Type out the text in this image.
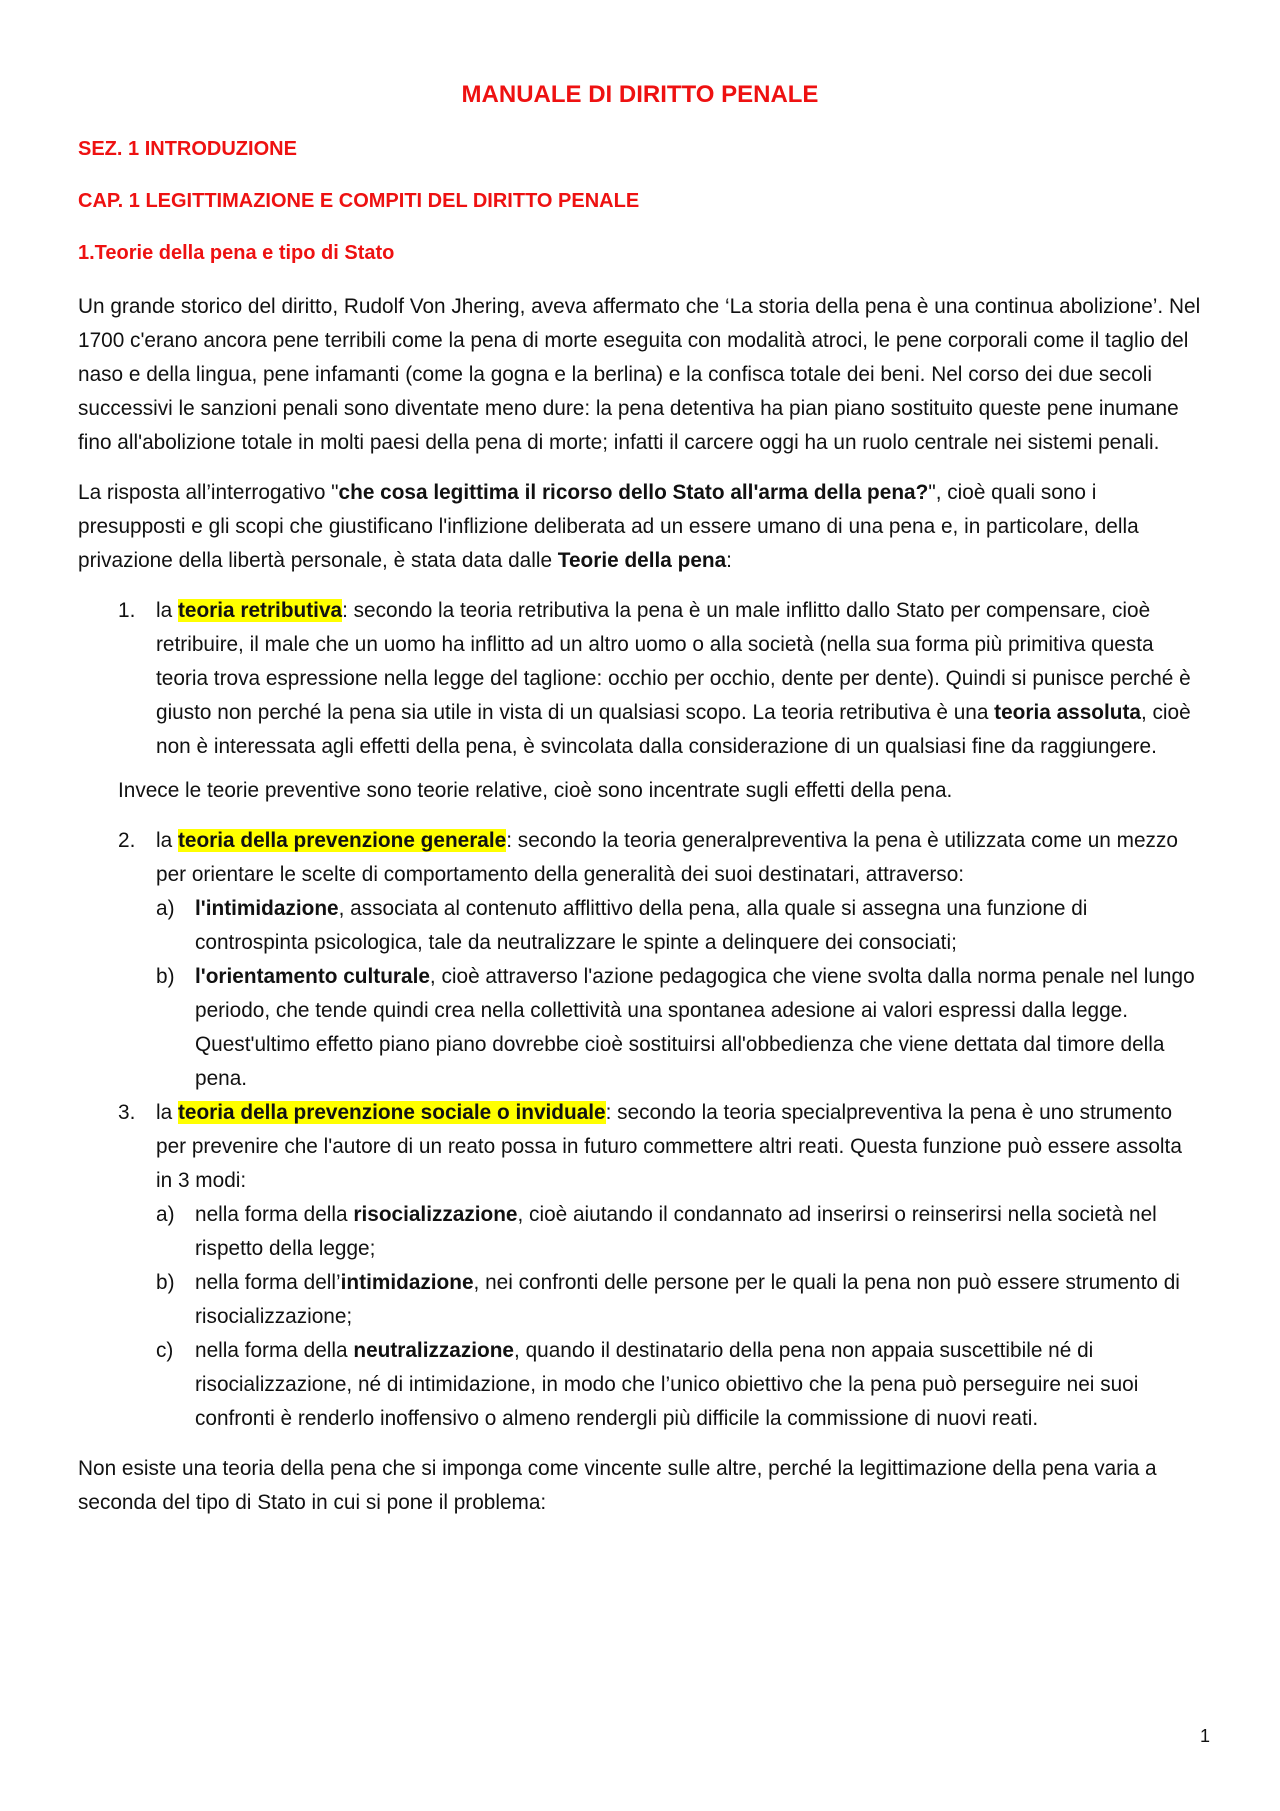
MANUALE DI DIRITTO PENALE
SEZ. 1 INTRODUZIONE
CAP. 1 LEGITTIMAZIONE E COMPITI DEL DIRITTO PENALE
1.Teorie della pena e tipo di Stato

Un grande storico del diritto, Rudolf Von Jhering, aveva affermato che ‘La storia della pena è una continua abolizione’. Nel 1700 c'erano ancora pene terribili come la pena di morte eseguita con modalità atroci, le pene corporali come il taglio del naso e della lingua, pene infamanti (come la gogna e la berlina) e la confisca totale dei beni. Nel corso dei due secoli successivi le sanzioni penali sono diventate meno dure: la pena detentiva ha pian piano sostituito queste pene inumane fino all'abolizione totale in molti paesi della pena di morte; infatti il carcere oggi ha un ruolo centrale nei sistemi penali.

La risposta all’interrogativo "che cosa legittima il ricorso dello Stato all'arma della pena?", cioè quali sono i presupposti e gli scopi che giustificano l'inflizione deliberata ad un essere umano di una pena e, in particolare, della privazione della libertà personale, è stata data dalle Teorie della pena:

1. la teoria retributiva: secondo la teoria retributiva la pena è un male inflitto dallo Stato per compensare, cioè retribuire, il male che un uomo ha inflitto ad un altro uomo o alla società (nella sua forma più primitiva questa teoria trova espressione nella legge del taglione: occhio per occhio, dente per dente). Quindi si punisce perché è giusto non perché la pena sia utile in vista di un qualsiasi scopo. La teoria retributiva è una teoria assoluta, cioè non è interessata agli effetti della pena, è svincolata dalla considerazione di un qualsiasi fine da raggiungere.

Invece le teorie preventive sono teorie relative, cioè sono incentrate sugli effetti della pena.

2. la teoria della prevenzione generale: secondo la teoria generalpreventiva la pena è utilizzata come un mezzo per orientare le scelte di comportamento della generalità dei suoi destinatari, attraverso:
a) l'intimidazione, associata al contenuto afflittivo della pena, alla quale si assegna una funzione di controspinta psicologica, tale da neutralizzare le spinte a delinquere dei consociati;
b) l'orientamento culturale, cioè attraverso l'azione pedagogica che viene svolta dalla norma penale nel lungo periodo, che tende quindi crea nella collettività una spontanea adesione ai valori espressi dalla legge. Quest'ultimo effetto piano piano dovrebbe cioè sostituirsi all'obbedienza che viene dettata dal timore della pena.
3. la teoria della prevenzione sociale o inviduale: secondo la teoria specialpreventiva la pena è uno strumento per prevenire che l'autore di un reato possa in futuro commettere altri reati. Questa funzione può essere assolta in 3 modi:
a) nella forma della risocializzazione, cioè aiutando il condannato ad inserirsi o reinserirsi nella società nel rispetto della legge;
b) nella forma dell’intimidazione, nei confronti delle persone per le quali la pena non può essere strumento di risocializzazione;
c) nella forma della neutralizzazione, quando il destinatario della pena non appaia suscettibile né di risocializzazione, né di intimidazione, in modo che l’unico obiettivo che la pena può perseguire nei suoi confronti è renderlo inoffensivo o almeno rendergli più difficile la commissione di nuovi reati.

Non esiste una teoria della pena che si imponga come vincente sulle altre, perché la legittimazione della pena varia a seconda del tipo di Stato in cui si pone il problema:

1
